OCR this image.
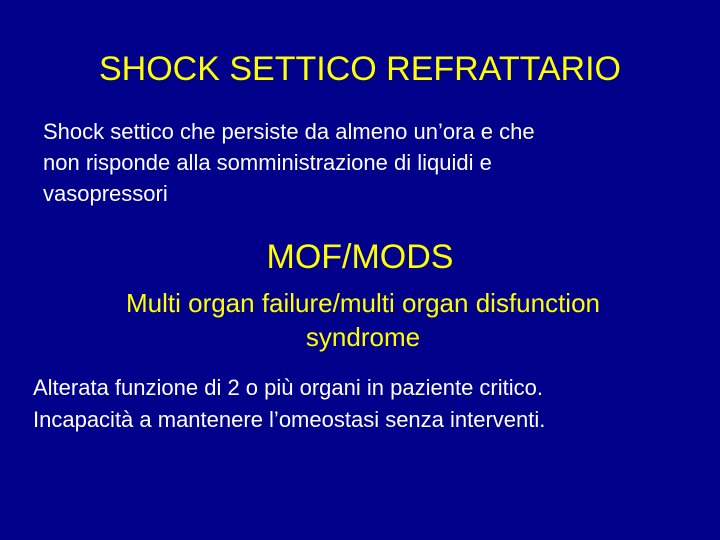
SHOCK SETTICO REFRATTARIO

Shock settico che persiste da almeno un’ora e che
non risponde alla somministrazione di liquidi e
vasopressori

MOF/MODS

Multi organ failure/multi organ disfunction
syndrome

Alterata funzione di 2 o più organi in paziente critico.
Incapacità a mantenere l’omeostasi senza interventi.
